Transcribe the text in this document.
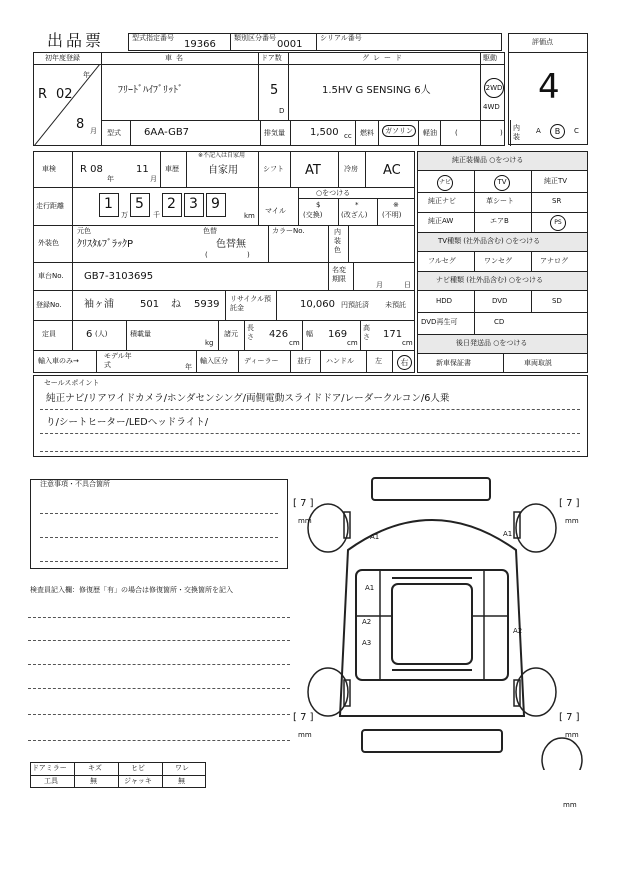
出品票	型式指定番号
19366
類別区分番号
0001
シリアル番号	評価点
4
初年度登録
R 02
年
8 月
車名
ﾌﾘｰﾄﾞﾊｲﾌﾞﾘｯﾄﾞ
ドア数
5
D
グレード
1.5HV G SENSING 6人
駆動
2WD
4WD
型式 6AA-GB7	排気量	1,500 cc 燃料	ガソリン	軽油	(	)
内装
A	B	C
車検 R 08
年
11
月
車歴
※不記入は自家用
自家用	シフト AT	冷房 AC
走行距離	1
万
5
千
2 3 9
km
○をつける
マイル
$
(交換)
*
(改ざん)
※
(不明)
外装色
元色
ｸﾘｽﾀﾙﾌﾞﾗｯｸP
色替
色替無
(	)
カラーNo.	内装色
車台No. GB7-3103695
名変期限
月	日
登録No. 袖ヶ浦	501 ね 5939 リサイクル預託金	10,060 円預託済 未預託
定員	6 (人)	積載量
kg
諸元
長さ 426
cm
幅 169
cm
高さ 171
cm
輸入車のみ→
モデル年式	年
輸入区分 ディーラー	並行 ハンドル	左	右
純正装備品 ○をつける
ナビ	TV	純正TV
純正ナビ	革シート	SR
純正AW	エアB	PS
TV種類 (社外品含む) ○をつける
フルセグ	ワンセグ	アナログ
ナビ種類 (社外品含む) ○をつける
HDD	DVD	SD
DVD再生可	CD
後日発送品 ○をつける
新車保証書	車両取説
セールスポイント
純正ナビ/リアワイドカメラ/ホンダセンシング/両側電動スライドドア/レーダークルコン/6人乗
り/シートヒーター/LEDヘッドライト/
注意事項・不具合箇所
検査員記入欄：修復歴「有」の場合は修復箇所・交換箇所を記入
A1	A1
A1
A2
A3
A2
[ 7 ]
mm
[ 7 ]
mm
[ 7 ]
mm
[ 7 ]
mm
mm
ドアミラー	キズ	ヒビ	ワレ
工具	無	ジャッキ	無
